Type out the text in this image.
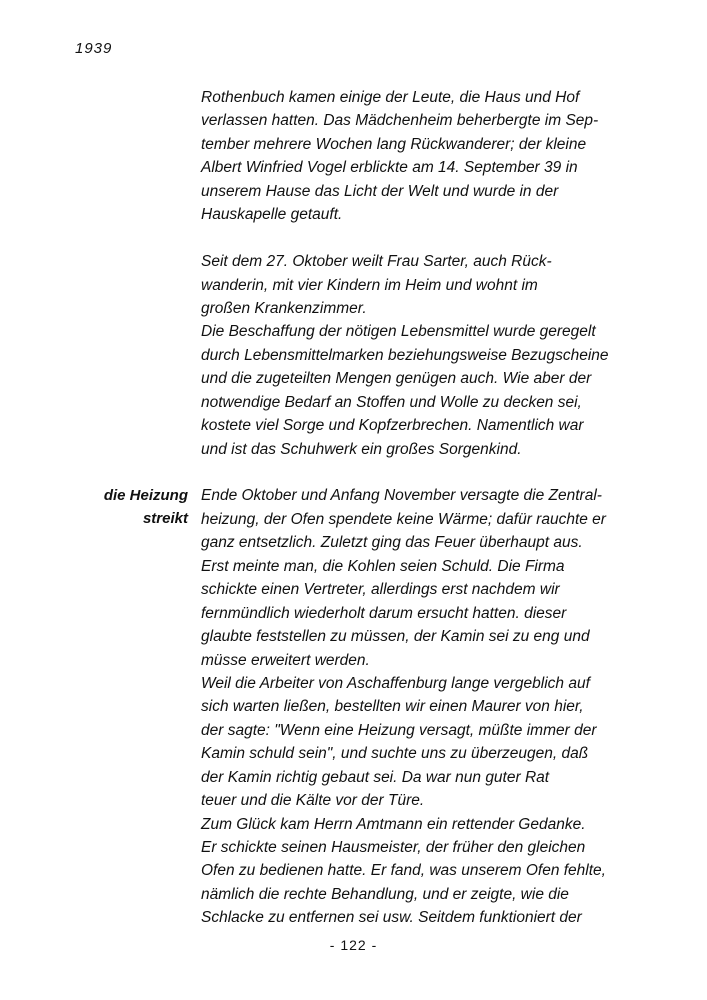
1939
die Heizung
streikt
Rothenbuch kamen einige der Leute, die Haus und Hof
verlassen hatten. Das Mädchenheim beherbergte im Sep-
tember mehrere Wochen lang Rückwanderer; der kleine
Albert Winfried Vogel erblickte am 14. September 39 in
unserem Hause das Licht der Welt und wurde in der
Hauskapelle getauft.
Seit dem 27. Oktober weilt Frau Sarter, auch Rück-
wanderin, mit vier Kindern im Heim und wohnt im
großen Krankenzimmer.
Die Beschaffung der nötigen Lebensmittel wurde geregelt
durch Lebensmittelmarken beziehungsweise Bezugscheine
und die zugeteilten Mengen genügen auch. Wie aber der
notwendige Bedarf an Stoffen und Wolle zu decken sei,
kostete viel Sorge und Kopfzerbrechen. Namentlich war
und ist das Schuhwerk ein großes Sorgenkind.
Ende Oktober und Anfang November versagte die Zentral-
heizung, der Ofen spendete keine Wärme; dafür rauchte er
ganz entsetzlich. Zuletzt ging das Feuer überhaupt aus.
Erst meinte man, die Kohlen seien Schuld. Die Firma
schickte einen Vertreter, allerdings erst nachdem wir
fernmündlich wiederholt darum ersucht hatten. dieser
glaubte feststellen zu müssen, der Kamin sei zu eng und
müsse erweitert werden.
Weil die Arbeiter von Aschaffenburg lange vergeblich auf
sich warten ließen, bestellten wir einen Maurer von hier,
der sagte: "Wenn eine Heizung versagt, müßte immer der
Kamin schuld sein", und suchte uns zu überzeugen, daß
der Kamin richtig gebaut sei. Da war nun guter Rat
teuer und die Kälte vor der Türe.
Zum Glück kam Herrn Amtmann ein rettender Gedanke.
Er schickte seinen Hausmeister, der früher den gleichen
Ofen zu bedienen hatte. Er fand, was unserem Ofen fehlte,
nämlich die rechte Behandlung, und er zeigte, wie die
Schlacke zu entfernen sei usw. Seitdem funktioniert der
- 122 -
